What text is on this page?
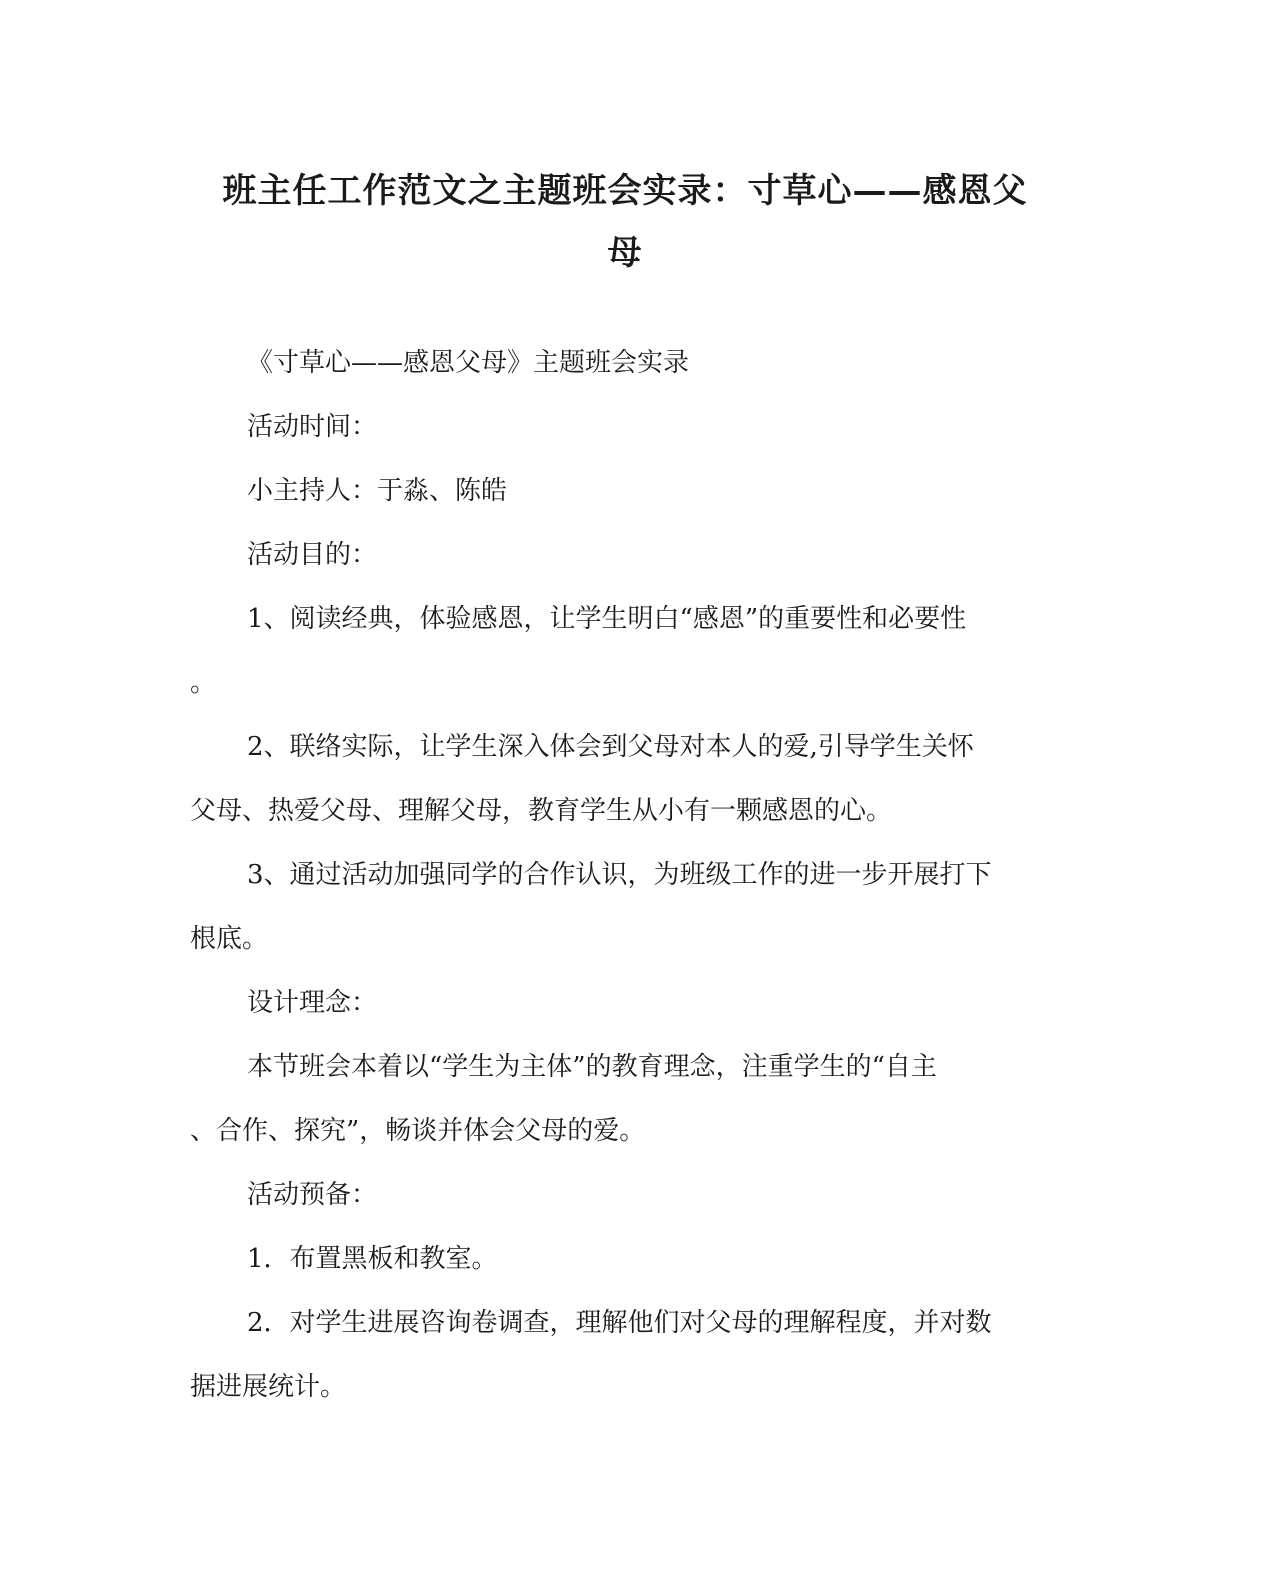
班主任工作范文之主题班会实录：寸草心——感恩父
母
《寸草心——感恩父母》主题班会实录
活动时间：
小主持人：于淼、陈皓
活动目的：
1、阅读经典，体验感恩，让学生明白“感恩”的重要性和必要性
。
2、联络实际，让学生深入体会到父母对本人的爱,引导学生关怀
父母、热爱父母、理解父母，教育学生从小有一颗感恩的心。
3、通过活动加强同学的合作认识，为班级工作的进一步开展打下
根底。
设计理念：
本节班会本着以“学生为主体”的教育理念，注重学生的“自主
、合作、探究”，畅谈并体会父母的爱。
活动预备：
1．布置黑板和教室。
2．对学生进展咨询卷调查，理解他们对父母的理解程度，并对数
据进展统计。
